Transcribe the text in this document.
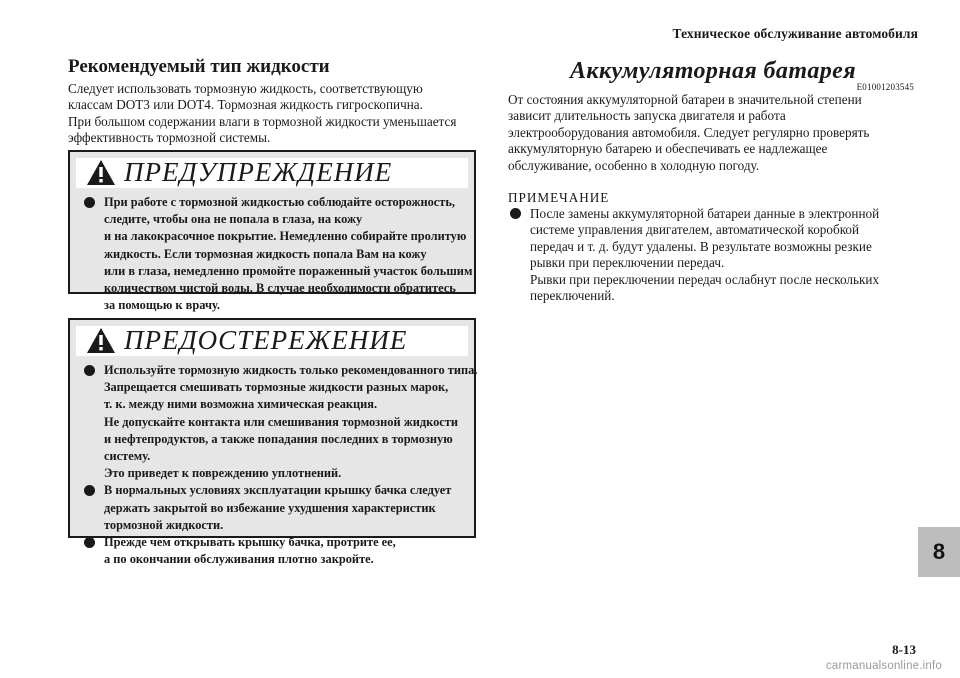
Техническое обслуживание автомобиля
Рекомендуемый тип жидкости
Следует использовать тормозную жидкость, соответствующую
классам DOT3 или DOT4. Тормозная жидкость гигроскопична.
При большом содержании влаги в тормозной жидкости уменьшается
эффективность тормозной системы.
ПРЕДУПРЕЖДЕНИЕ
При работе с тормозной жидкостью соблюдайте осторожность,
следите, чтобы она не попала в глаза, на кожу
и на лакокрасочное покрытие. Немедленно собирайте пролитую
жидкость. Если тормозная жидкость попала Вам на кожу
или в глаза, немедленно промойте пораженный участок большим
количеством чистой воды. В случае необходимости обратитесь
за помощью к врачу.
ПРЕДОСТЕРЕЖЕНИЕ
Используйте тормозную жидкость только рекомендованного типа.
Запрещается смешивать тормозные жидкости разных марок,
т. к. между ними возможна химическая реакция.
Не допускайте контакта или смешивания тормозной жидкости
и нефтепродуктов, а также попадания последних в тормозную
систему.
Это приведет к повреждению уплотнений.
В нормальных условиях эксплуатации крышку бачка следует
держать закрытой во избежание ухудшения характеристик
тормозной жидкости.
Прежде чем открывать крышку бачка, протрите ее,
а по окончании обслуживания плотно закройте.
Аккумуляторная батарея
E01001203545
От состояния аккумуляторной батареи в значительной степени
зависит длительность запуска двигателя и работа
электрооборудования автомобиля. Следует регулярно проверять
аккумуляторную батарею и обеспечивать ее надлежащее
обслуживание, особенно в холодную погоду.
ПРИМЕЧАНИЕ
После замены аккумуляторной батареи данные в электронной
системе управления двигателем, автоматической коробкой
передач и т. д. будут удалены. В результате возможны резкие
рывки при переключении передач.
Рывки при переключении передач ослабнут после нескольких
переключений.
8
8-13
carmanualsonline.info
